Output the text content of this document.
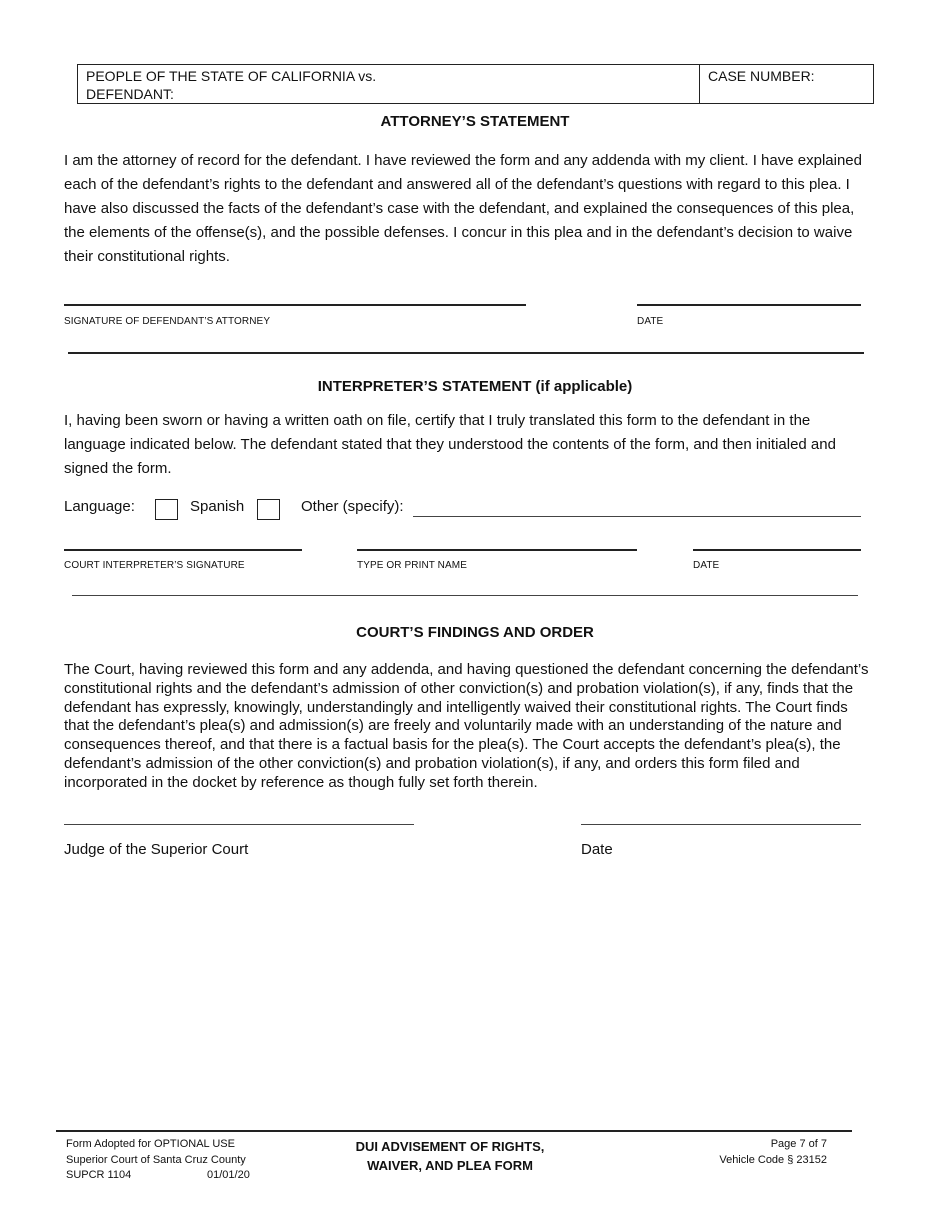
PEOPLE OF THE STATE OF CALIFORNIA vs.
DEFENDANT:
CASE NUMBER:
ATTORNEY’S STATEMENT
I am the attorney of record for the defendant. I have reviewed the form and any addenda with my client. I have explained each of the defendant’s rights to the defendant and answered all of the defendant’s questions with regard to this plea. I have also discussed the facts of the defendant’s case with the defendant, and explained the consequences of this plea, the elements of the offense(s), and the possible defenses. I concur in this plea and in the defendant’s decision to waive their constitutional rights.
SIGNATURE OF DEFENDANT’S ATTORNEY	DATE
INTERPRETER’S STATEMENT (if applicable)
I, having been sworn or having a written oath on file, certify that I truly translated this form to the defendant in the language indicated below. The defendant stated that they understood the contents of the form, and then initialed and signed the form.
Language:	Spanish	Other (specify):
COURT INTERPRETER’S SIGNATURE	TYPE OR PRINT NAME	DATE
COURT’S FINDINGS AND ORDER
The Court, having reviewed this form and any addenda, and having questioned the defendant concerning the defendant’s constitutional rights and the defendant’s admission of other conviction(s) and probation violation(s), if any, finds that the defendant has expressly, knowingly, understandingly and intelligently waived their constitutional rights. The Court finds that the defendant’s plea(s) and admission(s) are freely and voluntarily made with an understanding of the nature and consequences thereof, and that there is a factual basis for the plea(s). The Court accepts the defendant’s plea(s), the defendant’s admission of the other conviction(s) and probation violation(s), if any, and orders this form filed and incorporated in the docket by reference as though fully set forth therein.
Judge of the Superior Court	Date
Form Adopted for OPTIONAL USE
Superior Court of Santa Cruz County
SUPCR 1104	01/01/20
DUI ADVISEMENT OF RIGHTS,
WAIVER, AND PLEA FORM
Page 7 of 7
Vehicle Code § 23152
